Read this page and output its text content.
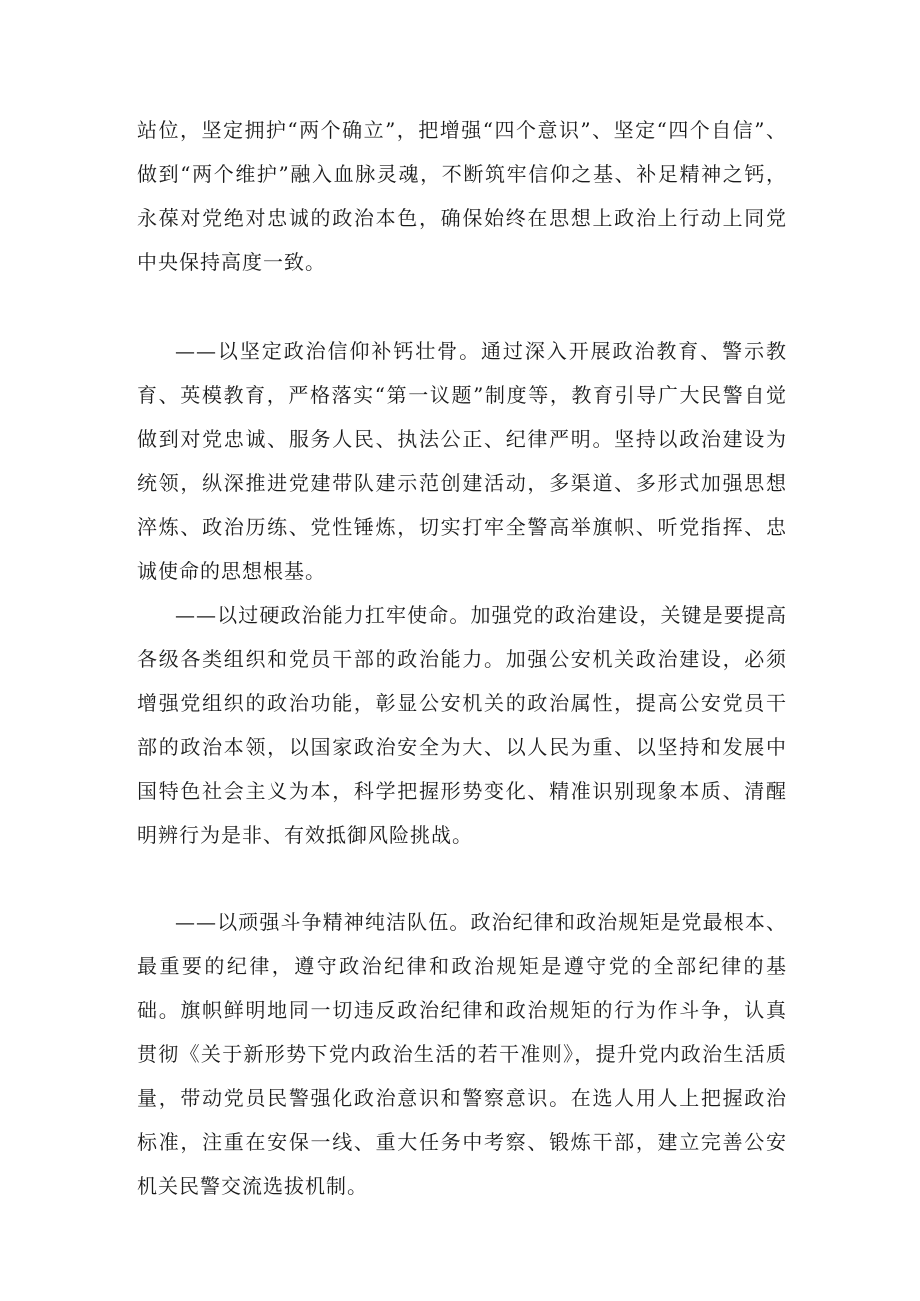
站位，坚定拥护“两个确立”，把增强“四个意识”、坚定“四个自信”、做到“两个维护”融入血脉灵魂，不断筑牢信仰之基、补足精神之钙，永葆对党绝对忠诚的政治本色，确保始终在思想上政治上行动上同党中央保持高度一致。

——以坚定政治信仰补钙壮骨。通过深入开展政治教育、警示教育、英模教育，严格落实“第一议题”制度等，教育引导广大民警自觉做到对党忠诚、服务人民、执法公正、纪律严明。坚持以政治建设为统领，纵深推进党建带队建示范创建活动，多渠道、多形式加强思想淬炼、政治历练、党性锤炼，切实打牢全警高举旗帜、听党指挥、忠诚使命的思想根基。

——以过硬政治能力扛牢使命。加强党的政治建设，关键是要提高各级各类组织和党员干部的政治能力。加强公安机关政治建设，必须增强党组织的政治功能，彰显公安机关的政治属性，提高公安党员干部的政治本领，以国家政治安全为大、以人民为重、以坚持和发展中国特色社会主义为本，科学把握形势变化、精准识别现象本质、清醒明辨行为是非、有效抵御风险挑战。

——以顽强斗争精神纯洁队伍。政治纪律和政治规矩是党最根本、最重要的纪律，遵守政治纪律和政治规矩是遵守党的全部纪律的基础。旗帜鲜明地同一切违反政治纪律和政治规矩的行为作斗争，认真贯彻《关于新形势下党内政治生活的若干准则》，提升党内政治生活质量，带动党员民警强化政治意识和警察意识。在选人用人上把握政治标准，注重在安保一线、重大任务中考察、锻炼干部，建立完善公安机关民警交流选拔机制。
